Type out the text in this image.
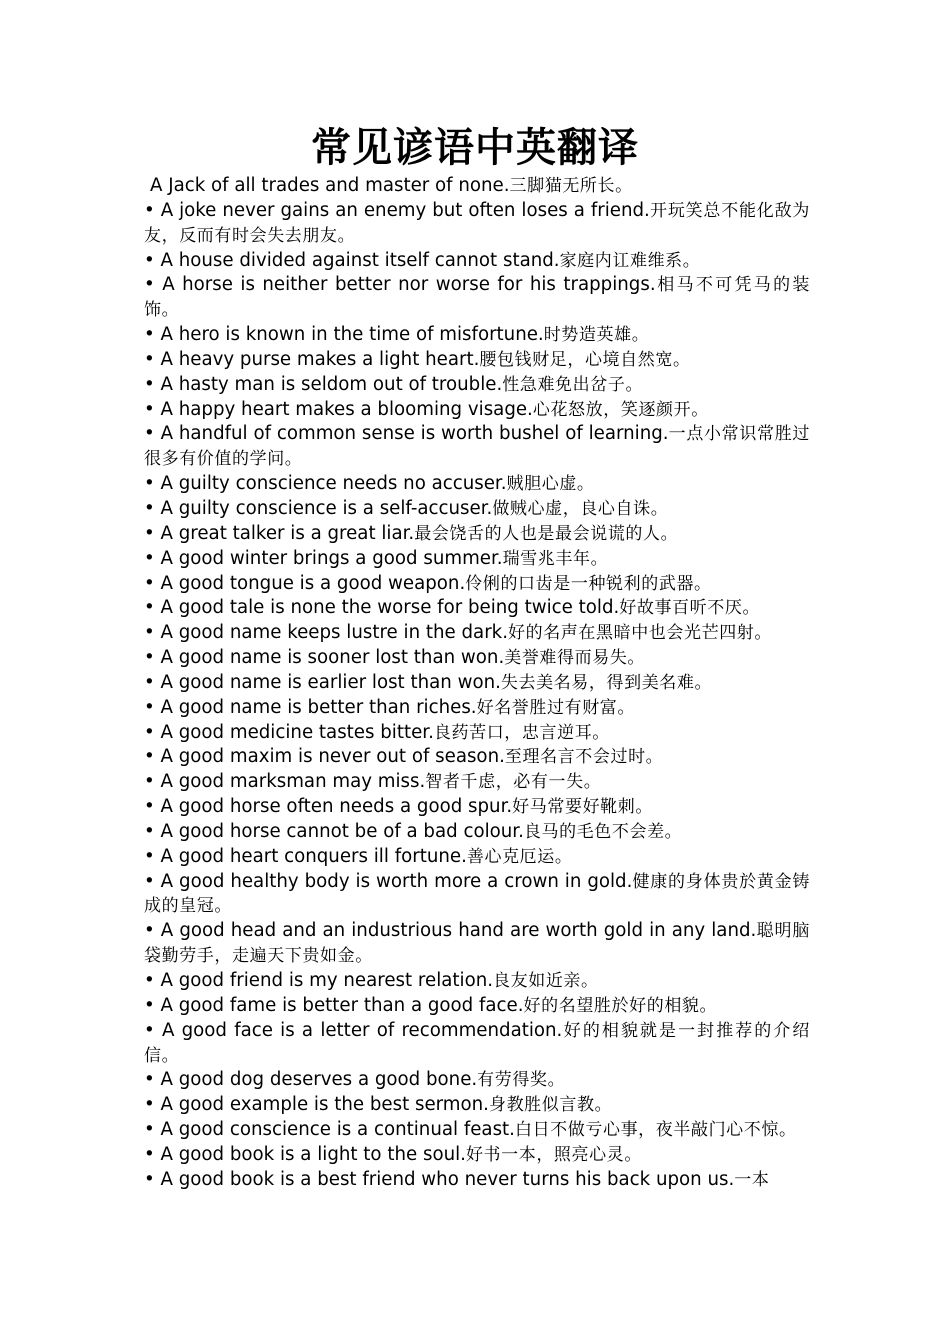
常见谚语中英翻译

A Jack of all trades and master of none.三脚猫无所长。

• A joke never gains an enemy but often loses a friend.开玩笑总不能化敌为友，反而有时会失去朋友。

• A house divided against itself cannot stand.家庭内讧难维系。

• A horse is neither better nor worse for his trappings.相马不可凭马的装饰。

• A hero is known in the time of misfortune.时势造英雄。

• A heavy purse makes a light heart.腰包钱财足，心境自然宽。

• A hasty man is seldom out of trouble.性急难免出岔子。

• A happy heart makes a blooming visage.心花怒放，笑逐颜开。

• A handful of common sense is worth bushel of learning.一点小常识常胜过很多有价值的学问。

• A guilty conscience needs no accuser.贼胆心虚。

• A guilty conscience is a self-accuser.做贼心虚，良心自诛。

• A great talker is a great liar.最会饶舌的人也是最会说谎的人。

• A good winter brings a good summer.瑞雪兆丰年。

• A good tongue is a good weapon.伶俐的口齿是一种锐利的武器。

• A good tale is none the worse for being twice told.好故事百听不厌。

• A good name keeps lustre in the dark.好的名声在黑暗中也会光芒四射。

• A good name is sooner lost than won.美誉难得而易失。

• A good name is earlier lost than won.失去美名易，得到美名难。

• A good name is better than riches.好名誉胜过有财富。

• A good medicine tastes bitter.良药苦口，忠言逆耳。

• A good maxim is never out of season.至理名言不会过时。

• A good marksman may miss.智者千虑，必有一失。

• A good horse often needs a good spur.好马常要好靴刺。

• A good horse cannot be of a bad colour.良马的毛色不会差。

• A good heart conquers ill fortune.善心克厄运。

• A good healthy body is worth more a crown in gold.健康的身体贵於黄金铸成的皇冠。

• A good head and an industrious hand are worth gold in any land.聪明脑袋勤劳手，走遍天下贵如金。

• A good friend is my nearest relation.良友如近亲。

• A good fame is better than a good face.好的名望胜於好的相貌。

• A good face is a letter of recommendation.好的相貌就是一封推荐的介绍信。

• A good dog deserves a good bone.有劳得奖。

• A good example is the best sermon.身教胜似言教。

• A good conscience is a continual feast.白日不做亏心事，夜半敲门心不惊。

• A good book is a light to the soul.好书一本，照亮心灵。

• A good book is a best friend who never turns his back upon us.一本
